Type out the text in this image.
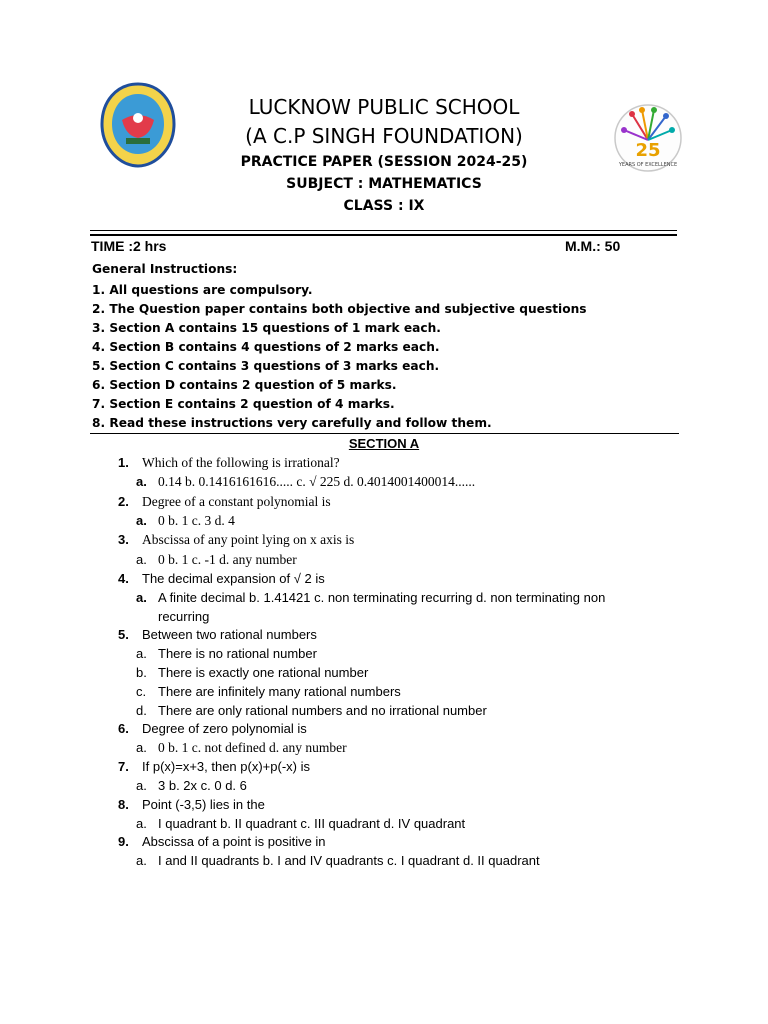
25
YEARS OF EXCELLENCE
LUCKNOW PUBLIC SCHOOL
(A C.P SINGH FOUNDATION)
PRACTICE PAPER (SESSION 2024-25)
SUBJECT : MATHEMATICS
CLASS : IX
TIME :2 hrs	M.M.: 50
General Instructions:
1. All questions are compulsory.
2. The Question paper contains both objective and subjective questions
3. Section A contains 15 questions of 1 mark each.
4. Section B contains 4 questions of 2 marks each.
5. Section C contains 3 questions of 3 marks each.
6. Section D contains 2 question of 5 marks.
7. Section E contains 2 question of 4 marks.
8. Read these instructions very carefully and follow them.
SECTION A
1. Which of the following is irrational?
a. 0.14 b. 0.1416161616..... c. √ 225 d. 0.4014001400014......
2. Degree of a constant polynomial is
a. 0 b. 1 c. 3 d. 4
3. Abscissa of any point lying on x axis is
a. 0 b. 1 c. -1 d. any number
4. The decimal expansion of √ 2 is
a. A finite decimal b. 1.41421 c. non terminating recurring d. non terminating non
recurring
5. Between two rational numbers
a. There is no rational number
b. There is exactly one rational number
c. There are infinitely many rational numbers
d. There are only rational numbers and no irrational number
6. Degree of zero polynomial is
a. 0 b. 1 c. not defined d. any number
7. If p(x)=x+3, then p(x)+p(-x) is
a. 3 b. 2x c. 0 d. 6
8. Point (-3,5) lies in the
a. I quadrant b. II quadrant c. III quadrant d. IV quadrant
9. Abscissa of a point is positive in
a. I and II quadrants b. I and IV quadrants c. I quadrant d. II quadrant
